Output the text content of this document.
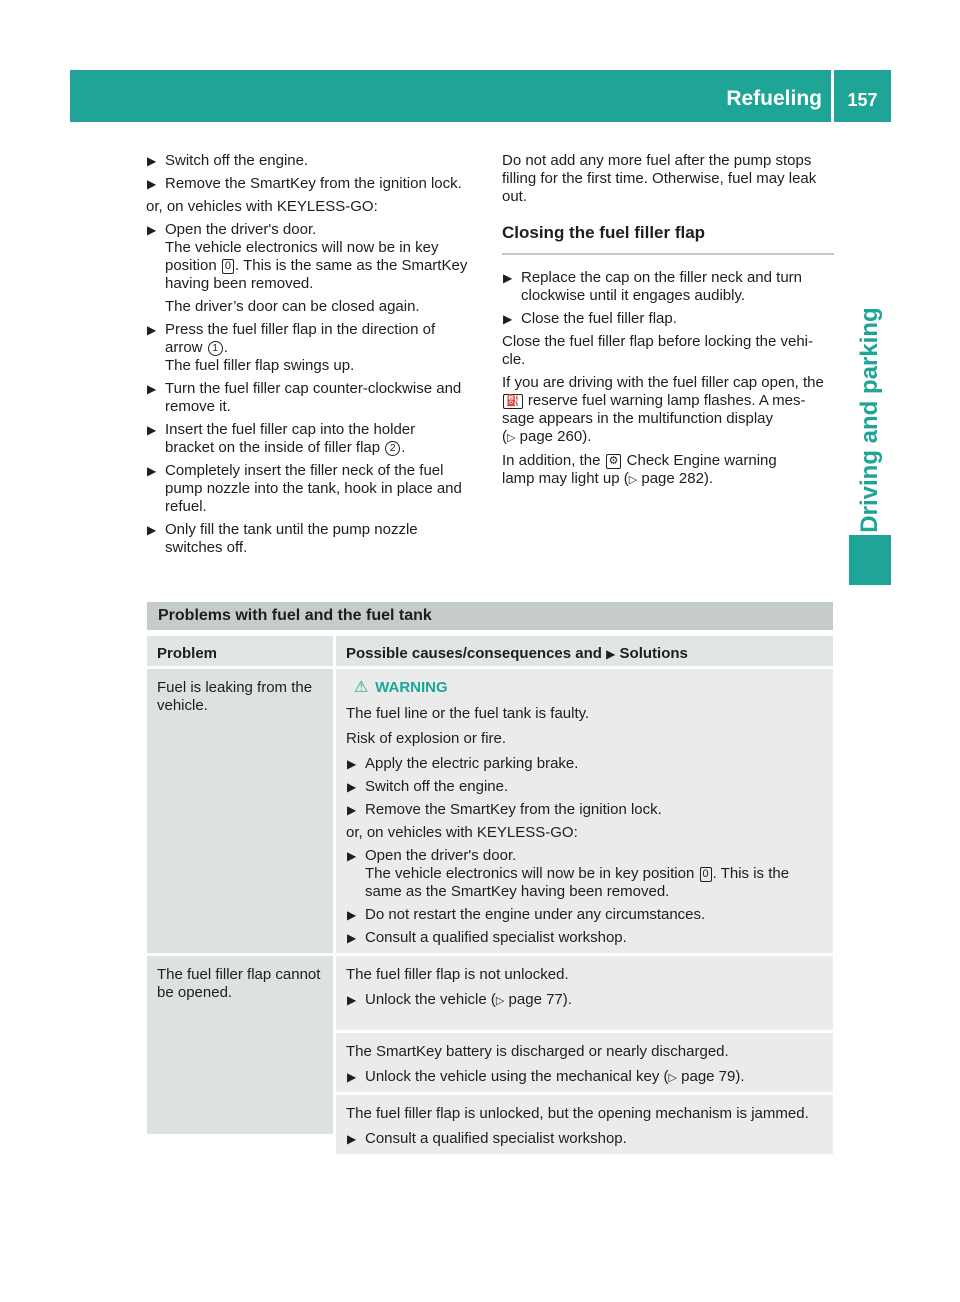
Refueling	157
Driving and parking
▶ Switch off the engine.
▶ Remove the SmartKey from the ignition lock.

or, on vehicles with KEYLESS-GO:

▶ Open the driver's door.
The vehicle electronics will now be in key
position 0 . This is the same as the SmartKey
having been removed.
The driver’s door can be closed again.
▶ Press the fuel filler flap in the direction of
arrow 1 .
The fuel filler flap swings up.
▶ Turn the fuel filler cap counter-clockwise and
remove it.
▶ Insert the fuel filler cap into the holder
bracket on the inside of filler flap 2 .
▶ Completely insert the filler neck of the fuel
pump nozzle into the tank, hook in place and
refuel.
▶ Only fill the tank until the pump nozzle
switches off.

Do not add any more fuel after the pump stops
filling for the first time. Otherwise, fuel may leak
out.

Closing the fuel filler flap
▶ Replace the cap on the filler neck and turn
clockwise until it engages audibly.
▶ Close the fuel filler flap.

Close the fuel filler flap before locking the vehi-
cle.

If you are driving with the fuel filler cap open, the
⛽ reserve fuel warning lamp flashes. A mes-
sage appears in the multifunction display
(▷ page 260).

In addition, the ⚙ Check Engine warning
lamp may light up (▷ page 282).

Problems with fuel and the fuel tank
Problem	Possible causes/consequences and ▶ Solutions
Fuel is leaking from the
vehicle.
⚠ WARNING

The fuel line or the fuel tank is faulty.

Risk of explosion or fire.

▶ Apply the electric parking brake.
▶ Switch off the engine.
▶ Remove the SmartKey from the ignition lock.

or, on vehicles with KEYLESS-GO:

▶ Open the driver's door.
The vehicle electronics will now be in key position 0 . This is the
same as the SmartKey having been removed.
▶ Do not restart the engine under any circumstances.
▶ Consult a qualified specialist workshop.
The fuel filler flap cannot
be opened.

The fuel filler flap is not unlocked.

▶ Unlock the vehicle (▷ page 77).

The SmartKey battery is discharged or nearly discharged.

▶ Unlock the vehicle using the mechanical key (▷ page 79).

The fuel filler flap is unlocked, but the opening mechanism is jammed.

▶ Consult a qualified specialist workshop.
